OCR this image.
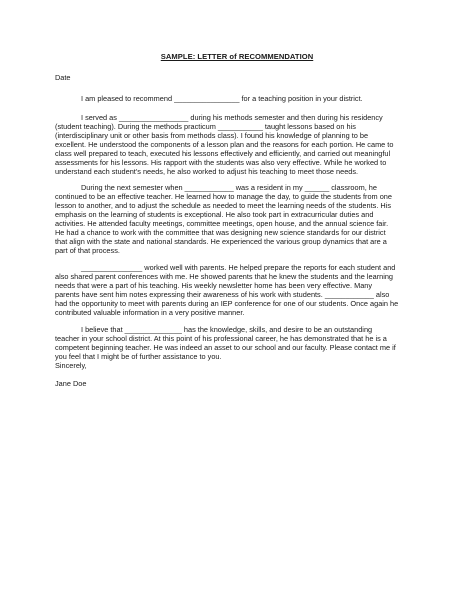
SAMPLE: LETTER of RECOMMENDATION
Date
I am pleased to recommend ________________ for a teaching position in your district.
I served as _________________ during his methods semester and then during his residency
(student teaching). During the methods practicum ___________ taught lessons based on his
(interdisciplinary unit or other basis from methods class). I found his knowledge of planning to be
excellent. He understood the components of a lesson plan and the reasons for each portion. He came to
class well prepared to teach, executed his lessons effectively and efficiently, and carried out meaningful
assessments for his lessons. His rapport with the students was also very effective. While he worked to
understand each student's needs, he also worked to adjust his teaching to meet those needs.
During the next semester when ____________ was a resident in my ______ classroom, he
continued to be an effective teacher. He learned how to manage the day, to guide the students from one
lesson to another, and to adjust the schedule as needed to meet the learning needs of the students. His
emphasis on the learning of students is exceptional. He also took part in extracurricular duties and
activities. He attended faculty meetings, committee meetings, open house, and the annual science fair.
He had a chance to work with the committee that was designing new science standards for our district
that align with the state and national standards. He experienced the various group dynamics that are a
part of that process.
_______________ worked well with parents. He helped prepare the reports for each student and
also shared parent conferences with me. He showed parents that he knew the students and the learning
needs that were a part of his teaching. His weekly newsletter home has been very effective. Many
parents have sent him notes expressing their awareness of his work with students. ____________ also
had the opportunity to meet with parents during an IEP conference for one of our students. Once again he
contributed valuable information in a very positive manner.
I believe that ______________ has the knowledge, skills, and desire to be an outstanding
teacher in your school district. At this point of his professional career, he has demonstrated that he is a
competent beginning teacher. He was indeed an asset to our school and our faculty. Please contact me if
you feel that I might be of further assistance to you.
Sincerely,
Jane Doe
